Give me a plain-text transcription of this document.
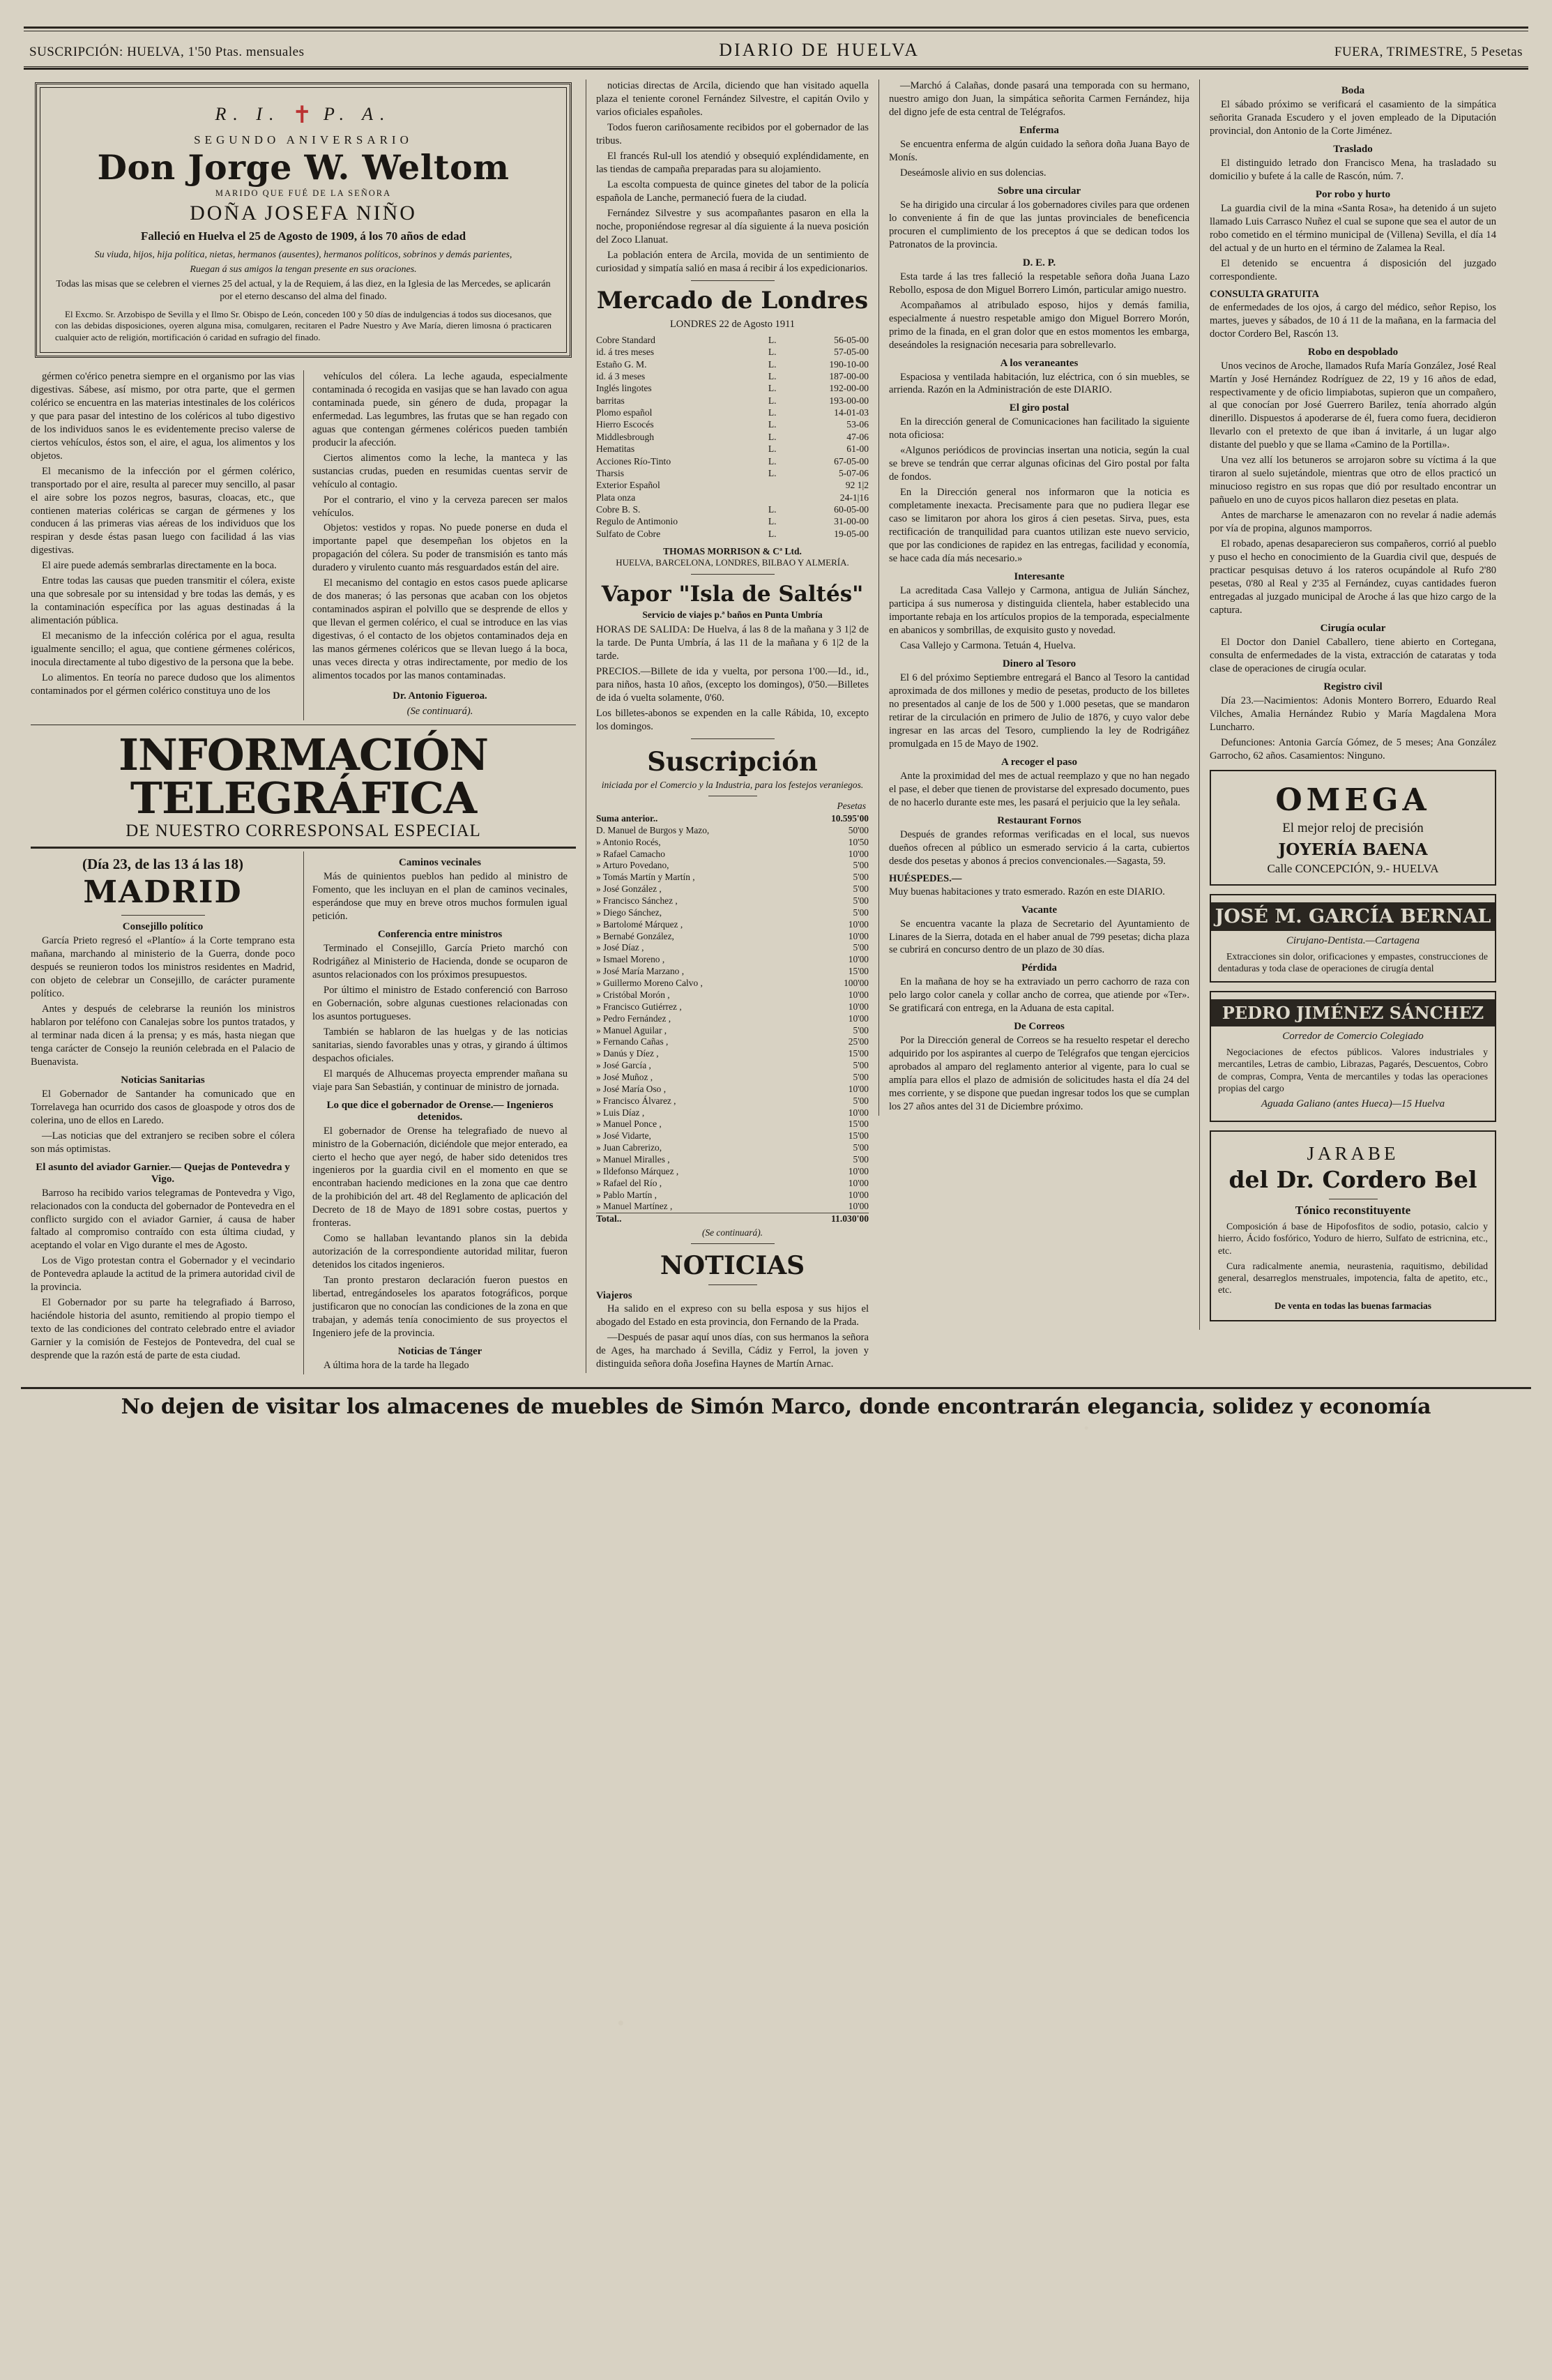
SUSCRIPCIÓN: HUELVA, 1'50 Ptas. mensuales	DIARIO DE HUELVA	FUERA, TRIMESTRE, 5 Pesetas
R. I. ✝ P. A.
SEGUNDO ANIVERSARIO
Don Jorge W. Weltom
MARIDO QUE FUÉ DE LA SEÑORA
DOÑA JOSEFA NIÑO
Falleció en Huelva el 25 de Agosto de 1909, á los 70 años de edad
Su viuda, hijos, hija política, nietas, hermanos (ausentes), hermanos políticos, sobrinos y demás parientes,
Ruegan á sus amigos la tengan presente en sus oraciones.
Todas las misas que se celebren el viernes 25 del actual, y la de Requiem, á las diez, en la Iglesia de las Mercedes, se aplicarán por el eterno descanso del alma del finado.
El Excmo. Sr. Arzobispo de Sevilla y el Ilmo Sr. Obispo de León, conceden 100 y 50 días de indulgencias á todos sus diocesanos, que con las debidas disposiciones, oyeren alguna misa, comulgaren, recitaren el Padre Nuestro y Ave María, dieren limosna ó practicaren cualquier acto de religión, mortificación ó caridad en sufragio del finado.

gérmen co'érico penetra siempre en el organismo por las vias digestivas. Sábese, así mismo, por otra parte, que el germen colérico se encuentra en las materias intestinales de los coléricos y que para pasar del intestino de los coléricos al tubo digestivo de los individuos sanos le es evidentemente preciso valerse de ciertos vehículos, éstos son, el aire, el agua, los alimentos y los objetos.

El mecanismo de la infección por el gérmen colérico, transportado por el aire, resulta al parecer muy sencillo, al pasar el aire sobre los pozos negros, basuras, cloacas, etc., que contienen materias coléricas se cargan de gérmenes y los conducen á las primeras vias aéreas de los individuos que los respiran y desde éstas pasan luego con facilidad á las vias digestivas.

El aire puede además sembrarlas directamente en la boca.

Entre todas las causas que pueden transmitir el cólera, existe una que sobresale por su intensidad y bre todas las demás, y es la contaminación específica por las aguas destinadas á la alimentación pública.

El mecanismo de la infección colérica por el agua, resulta igualmente sencillo; el agua, que contiene gérmenes coléricos, inocula directamente al tubo digestivo de la persona que la bebe.

Lo alimentos. En teoría no parece dudoso que los alimentos contaminados por el gérmen colérico constituya uno de los

vehículos del cólera. La leche agauda, especialmente contaminada ó recogida en vasijas que se han lavado con agua contaminada puede, sin género de duda, propagar la enfermedad. Las legumbres, las frutas que se han regado con aguas que contengan gérmenes coléricos pueden también producir la afección.

Ciertos alimentos como la leche, la manteca y las sustancias crudas, pueden en resumidas cuentas servir de vehículo al contagio.

Por el contrario, el vino y la cerveza parecen ser malos vehículos.

Objetos: vestidos y ropas. No puede ponerse en duda el importante papel que desempeñan los objetos en la propagación del cólera. Su poder de transmisión es tanto más duradero y virulento cuanto más resguardados están del aire.

El mecanismo del contagio en estos casos puede aplicarse de dos maneras; ó las personas que acaban con los objetos contaminados aspiran el polvillo que se desprende de ellos y que llevan el germen colérico, el cual se introduce en las vias digestivas, ó el contacto de los objetos contaminados deja en las manos gérmenes coléricos que se llevan luego á la boca, unas veces directa y otras indirectamente, por medio de los alimentos tocados por las manos contaminadas.

Dr. Antonio Figueroa.

(Se continuará).

INFORMACIÓN TELEGRÁFICA
DE NUESTRO CORRESPONSAL ESPECIAL
(Día 23, de las 13 á las 18)
MADRID
Consejillo político

García Prieto regresó el «Plantío» á la Corte temprano esta mañana, marchando al ministerio de la Guerra, donde poco después se reunieron todos los ministros residentes en Madrid, con objeto de celebrar un Consejillo, de carácter puramente político.

Antes y después de celebrarse la reunión los ministros hablaron por teléfono con Canalejas sobre los puntos tratados, y al terminar nada dicen á la prensa; y es más, hasta niegan que tenga carácter de Consejo la reunión celebrada en el Palacio de Buenavista.

Noticias Sanitarias

El Gobernador de Santander ha comunicado que en Torrelavega han ocurrido dos casos de gloaspode y otros dos de colerina, uno de ellos en Laredo.

—Las noticias que del extranjero se reciben sobre el cólera son más optimistas.

El asunto del aviador Garnier.— Quejas de Pontevedra y Vigo.

Barroso ha recibido varios telegramas de Pontevedra y Vigo, relacionados con la conducta del gobernador de Pontevedra en el conflicto surgido con el aviador Garnier, á causa de haber faltado al compromiso contraído con esta última ciudad, y aceptando el volar en Vigo durante el mes de Agosto.

Los de Vigo protestan contra el Gobernador y el vecindario de Pontevedra aplaude la actitud de la primera autoridad civil de la provincia.

El Gobernador por su parte ha telegrafiado á Barroso, haciéndole historia del asunto, remitiendo al propio tiempo el texto de las condiciones del contrato celebrado entre el aviador Garnier y la comisión de Festejos de Pontevedra, del cual se desprende que la razón está de parte de esta ciudad.

Caminos vecinales

Más de quinientos pueblos han pedido al ministro de Fomento, que les incluyan en el plan de caminos vecinales, esperándose que muy en breve otros muchos formulen igual petición.

Conferencia entre ministros

Terminado el Consejillo, García Prieto marchó con Rodrigáñez al Ministerio de Hacienda, donde se ocuparon de asuntos relacionados con los próximos presupuestos.

Por último el ministro de Estado conferenció con Barroso en Gobernación, sobre algunas cuestiones relacionadas con los asuntos portugueses.

También se hablaron de las huelgas y de las noticias sanitarias, siendo favorables unas y otras, y girando á últimos despachos oficiales.

El marqués de Alhucemas proyecta emprender mañana su viaje para San Sebastián, y continuar de ministro de jornada.

Lo que dice el gobernador de Orense.— Ingenieros detenidos.

El gobernador de Orense ha telegrafiado de nuevo al ministro de la Gobernación, diciéndole que mejor enterado, ea cierto el hecho que ayer negó, de haber sido detenidos tres ingenieros por la guardia civil en el momento en que se encontraban haciendo mediciones en la zona que cae dentro de la prohibición del art. 48 del Reglamento de aplicación del Decreto de 18 de Mayo de 1891 sobre costas, puertos y fronteras.

Como se hallaban levantando planos sin la debida autorización de la correspondiente autoridad militar, fueron detenidos los citados ingenieros.

Tan pronto prestaron declaración fueron puestos en libertad, entregándoseles los aparatos fotográficos, porque justificaron que no conocían las condiciones de la zona en que trabajan, y además tenía conocimiento de sus proyectos el Ingeniero jefe de la provincia.

Noticias de Tánger

A última hora de la tarde ha llegado

noticias directas de Arcila, diciendo que han visitado aquella plaza el teniente coronel Fernández Silvestre, el capitán Ovilo y varios oficiales españoles.

Todos fueron cariñosamente recibidos por el gobernador de las tribus.

El francés Rul-ull los atendió y obsequió expléndidamente, en las tiendas de campaña preparadas para su alojamiento.

La escolta compuesta de quince ginetes del tabor de la policía española de Lanche, permaneció fuera de la ciudad.

Fernández Silvestre y sus acompañantes pasaron en ella la noche, proponiéndose regresar al día siguiente á la nueva posición del Zoco Llanuat.

La población entera de Arcila, movida de un sentimiento de curiosidad y simpatía salió en masa á recibir á los expedicionarios.

Mercado de Londres
LONDRES 22 de Agosto 1911
Cobre Standard		L.	56-05-00
id. á tres meses		L.	57-05-00
Estaño G. M.		L.	190-10-00
id. á 3 meses		L.	187-00-00
Inglés lingotes		L.	192-00-00
barritas		L.	193-00-00
Plomo español		L.	14-01-03
Hierro Escocés		L.	53-06
Middlesbrough		L.	47-06
Hematitas		L.	61-00
Acciones Río-Tinto		L.	67-05-00
Tharsis		L.	5-07-06
Exterior Español			92 1|2
Plata onza			24-1|16
Cobre B. S.		L.	60-05-00
Regulo de Antimonio		L.	31-00-00
Sulfato de Cobre		L.	19-05-00
THOMAS MORRISON & Cª Ltd.
HUELVA, BARCELONA, LONDRES, BILBAO Y ALMERÍA.
Vapor "Isla de Saltés"
Servicio de viajes p.ª baños en Punta Umbría

HORAS DE SALIDA: De Huelva, á las 8 de la mañana y 3 1|2 de la tarde. De Punta Umbría, á las 11 de la mañana y 6 1|2 de la tarde.

PRECIOS.—Billete de ida y vuelta, por persona 1'00.—Id., id., para niños, hasta 10 años, (excepto los domingos), 0'50.—Billetes de ida ó vuelta solamente, 0'60.

Los billetes-abonos se expenden en la calle Rábida, 10, excepto los domingos.

Suscripción
iniciada por el Comercio y la Industria, para los festejos veraniegos.
Pesetas
Suma anterior..		10.595'00
D. Manuel de Burgos y Mazo,		50'00
» Antonio Rocés,		10'50
» Rafael Camacho		10'00
» Arturo Povedano,		5'00
» Tomás Martín y Martín ,		5'00
» José González ,		5'00
» Francisco Sánchez ,		5'00
» Diego Sánchez,		5'00
» Bartolomé Márquez ,		10'00
» Bernabé González,		10'00
» José Díaz ,		5'00
» Ismael Moreno ,		10'00
» José María Marzano ,		15'00
» Guillermo Moreno Calvo ,		100'00
» Cristóbal Morón ,		10'00
» Francisco Gutiérrez ,		10'00
» Pedro Fernández ,		10'00
» Manuel Aguilar ,		5'00
» Fernando Cañas ,		25'00
» Danús y Díez ,		15'00
» José García ,		5'00
» José Muñoz ,		5'00
» José María Oso ,		10'00
» Francisco Álvarez ,		5'00
» Luis Díaz ,		10'00
» Manuel Ponce ,		15'00
» José Vidarte,		15'00
» Juan Cabrerizo,		5'00
» Manuel Miralles ,		5'00
» Ildefonso Márquez ,		10'00
» Rafael del Río ,		10'00
» Pablo Martín ,		10'00
» Manuel Martínez ,		10'00
Total..		11.030'00
(Se continuará).
NOTICIAS
Viajeros

Ha salido en el expreso con su bella esposa y sus hijos el abogado del Estado en esta provincia, don Fernando de la Prada.

—Después de pasar aquí unos días, con sus hermanos la señora de Ages, ha marchado á Sevilla, Cádiz y Ferrol, la joven y distinguida señora doña Josefina Haynes de Martín Arnac.

—Marchó á Calañas, donde pasará una temporada con su hermano, nuestro amigo don Juan, la simpática señorita Carmen Fernández, hija del digno jefe de esta central de Telégrafos.

Enferma

Se encuentra enferma de algún cuidado la señora doña Juana Bayo de Monís.

Deseámosle alivio en sus dolencias.

Sobre una circular

Se ha dirigido una circular á los gobernadores civiles para que ordenen lo conveniente á fin de que las juntas provinciales de beneficencia procuren el cumplimiento de los preceptos á que se dedican todos los Patronatos de la provincia.

D. E. P.

Esta tarde á las tres falleció la respetable señora doña Juana Lazo Rebollo, esposa de don Miguel Borrero Limón, particular amigo nuestro.

Acompañamos al atribulado esposo, hijos y demás familia, especialmente á nuestro respetable amigo don Miguel Borrero Morón, primo de la finada, en el gran dolor que en estos momentos les embarga, deseándoles la resignación necesaria para sobrellevarlo.

A los veraneantes

Espaciosa y ventilada habitación, luz eléctrica, con ó sin muebles, se arrienda. Razón en la Administración de este DIARIO.

El giro postal

En la dirección general de Comunicaciones han facilitado la siguiente nota oficiosa:

«Algunos periódicos de provincias insertan una noticia, según la cual se breve se tendrán que cerrar algunas oficinas del Giro postal por falta de fondos.

En la Dirección general nos informaron que la noticia es completamente inexacta. Precisamente para que no pudiera llegar ese caso se limitaron por ahora los giros á cien pesetas. Sirva, pues, esta rectificación de tranquilidad para cuantos utilizan este nuevo servicio, que por las condiciones de rapidez en las entregas, facilidad y economía, se hace cada día más necesario.»

Interesante

La acreditada Casa Vallejo y Carmona, antigua de Julián Sánchez, participa á sus numerosa y distinguida clientela, haber establecido una importante rebaja en los artículos propios de la temporada, especialmente en abanicos y sombrillas, de exquisito gusto y novedad.

Casa Vallejo y Carmona. Tetuán 4, Huelva.

Dinero al Tesoro

El 6 del próximo Septiembre entregará el Banco al Tesoro la cantidad aproximada de dos millones y medio de pesetas, producto de los billetes no presentados al canje de los de 500 y 1.000 pesetas, que se mandaron retirar de la circulación en primero de Julio de 1876, y cuyo valor debe ingresar en las arcas del Tesoro, cumpliendo la ley de Rodrigáñez promulgada en 15 de Mayo de 1902.

A recoger el paso

Ante la proximidad del mes de actual reemplazo y que no han negado el pase, el deber que tienen de provistarse del expresado documento, pues de no hacerlo durante este mes, les pasará el perjuicio que la ley señala.

Restaurant Fornos

Después de grandes reformas verificadas en el local, sus nuevos dueños ofrecen al público un esmerado servicio á la carta, cubiertos desde dos pesetas y abonos á precios convencionales.—Sagasta, 59.

HUÉSPEDES.—

Muy buenas habitaciones y trato esmerado. Razón en este DIARIO.

Vacante

Se encuentra vacante la plaza de Secretario del Ayuntamiento de Linares de la Sierra, dotada en el haber anual de 799 pesetas; dicha plaza se cubrirá en concurso dentro de un plazo de 30 días.

Pérdida

En la mañana de hoy se ha extraviado un perro cachorro de raza con pelo largo color canela y collar ancho de correa, que atiende por «Ter». Se gratificará con entrega, en la Aduana de esta capital.

De Correos

Por la Dirección general de Correos se ha resuelto respetar el derecho adquirido por los aspirantes al cuerpo de Telégrafos que tengan ejercicios aprobados al amparo del reglamento anterior al vigente, para lo cual se amplía para ellos el plazo de admisión de solicitudes hasta el día 24 del mes corriente, y se dispone que puedan ingresar todos los que se cumplan los 27 años antes del 31 de Diciembre próximo.

Boda

El sábado próximo se verificará el casamiento de la simpática señorita Granada Escudero y el joven empleado de la Diputación provincial, don Antonio de la Corte Jiménez.

Traslado

El distinguido letrado don Francisco Mena, ha trasladado su domicilio y bufete á la calle de Rascón, núm. 7.

Por robo y hurto

La guardia civil de la mina «Santa Rosa», ha detenido á un sujeto llamado Luis Carrasco Nuñez el cual se supone que sea el autor de un robo cometido en el término municipal de (Villena) Sevilla, el día 14 del actual y de un hurto en el término de Zalamea la Real.

El detenido se encuentra á disposición del juzgado correspondiente.

CONSULTA GRATUITA

de enfermedades de los ojos, á cargo del médico, señor Repiso, los martes, jueves y sábados, de 10 á 11 de la mañana, en la farmacia del doctor Cordero Bel, Rascón 13.

Robo en despoblado

Unos vecinos de Aroche, llamados Rufa María González, José Real Martín y José Hernández Rodríguez de 22, 19 y 16 años de edad, respectivamente y de oficio limpiabotas, supieron que un compañero, al que conocían por José Guerrero Barilez, tenía ahorrado algún dinerillo. Dispuestos á apoderarse de él, fuera como fuera, decidieron llevarlo con el pretexto de que iban á invitarle, á un lugar algo distante del pueblo y que se llama «Camino de la Portilla».

Una vez allí los betuneros se arrojaron sobre su víctima á la que tiraron al suelo sujetándole, mientras que otro de ellos practicó un minucioso registro en sus ropas que dió por resultado encontrar un pañuelo en uno de cuyos picos hallaron diez pesetas en plata.

Antes de marcharse le amenazaron con no revelar á nadie además por vía de propina, algunos mamporros.

El robado, apenas desaparecieron sus compañeros, corrió al pueblo y puso el hecho en conocimiento de la Guardia civil que, después de practicar pesquisas detuvo á los rateros ocupándole al Rufo 2'80 pesetas, 0'80 al Real y 2'35 al Fernández, cuyas cantidades fueron entregadas al juzgado municipal de Aroche á las que hizo cargo de la captura.

Cirugía ocular

El Doctor don Daniel Caballero, tiene abierto en Cortegana, consulta de enfermedades de la vista, extracción de cataratas y toda clase de operaciones de cirugía ocular.

Registro civil

Día 23.—Nacimientos: Adonis Montero Borrero, Eduardo Real Vilches, Amalia Hernández Rubio y María Magdalena Mora Luncharro.

Defunciones: Antonia García Gómez, de 5 meses; Ana González Garrocho, 62 años. Casamientos: Ninguno.

OMEGA
El mejor reloj de precisión
JOYERÍA BAENA
Calle CONCEPCIÓN, 9.- HUELVA
JOSÉ M. GARCÍA BERNAL
Cirujano-Dentista.—Cartagena
Extracciones sin dolor, orificaciones y empastes, construcciones de dentaduras y toda clase de operaciones de cirugía dental
PEDRO JIMÉNEZ SÁNCHEZ
Corredor de Comercio Colegiado
Negociaciones de efectos públicos. Valores industriales y mercantiles, Letras de cambio, Librazas, Pagarés, Descuentos, Cobro de compras, Compra, Venta de mercantiles y todas las operaciones propias del cargo
Aguada Galiano (antes Hueca)—15 Huelva
JARABE
del Dr. Cordero Bel
Tónico reconstituyente
Composición á base de Hipofosfitos de sodio, potasio, calcio y hierro, Ácido fosfórico, Yoduro de hierro, Sulfato de estricnina, etc., etc.
Cura radicalmente anemia, neurastenia, raquitismo, debilidad general, desarreglos menstruales, impotencia, falta de apetito, etc., etc.
De venta en todas las buenas farmacias
No dejen de visitar los almacenes de muebles de Simón Marco, donde encontrarán elegancia, solidez y economía
